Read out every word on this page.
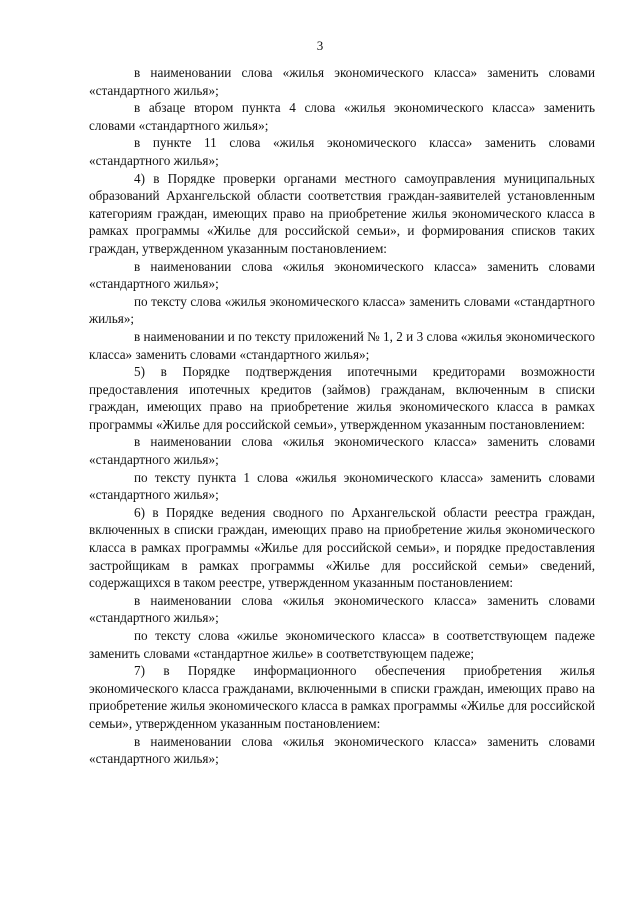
3

в наименовании слова «жилья экономического класса» заменить словами «стандартного жилья»;

в абзаце втором пункта 4 слова «жилья экономического класса» заменить словами «стандартного жилья»;

в пункте 11 слова «жилья экономического класса» заменить словами «стандартного жилья»;

4) в Порядке проверки органами местного самоуправления муниципальных образований Архангельской области соответствия граждан-заявителей установленным категориям граждан, имеющих право на приобретение жилья экономического класса в рамках программы «Жилье для российской семьи», и формирования списков таких граждан, утвержденном указанным постановлением:

в наименовании слова «жилья экономического класса» заменить словами «стандартного жилья»;

по тексту слова «жилья экономического класса» заменить словами «стандартного жилья»;

в наименовании и по тексту приложений № 1, 2 и 3 слова «жилья экономического класса» заменить словами «стандартного жилья»;

5) в Порядке подтверждения ипотечными кредиторами возможности предоставления ипотечных кредитов (займов) гражданам, включенным в списки граждан, имеющих право на приобретение жилья экономического класса в рамках программы «Жилье для российской семьи», утвержденном указанным постановлением:

в наименовании слова «жилья экономического класса» заменить словами «стандартного жилья»;

по тексту пункта 1 слова «жилья экономического класса» заменить словами «стандартного жилья»;

6) в Порядке ведения сводного по Архангельской области реестра граждан, включенных в списки граждан, имеющих право на приобретение жилья экономического класса в рамках программы «Жилье для российской семьи», и порядке предоставления застройщикам в рамках программы «Жилье для российской семьи» сведений, содержащихся в таком реестре, утвержденном указанным постановлением:

в наименовании слова «жилья экономического класса» заменить словами «стандартного жилья»;

по тексту слова «жилье экономического класса» в соответствующем падеже заменить словами «стандартное жилье» в соответствующем падеже;

7) в Порядке информационного обеспечения приобретения жилья экономического класса гражданами, включенными в списки граждан, имеющих право на приобретение жилья экономического класса в рамках программы «Жилье для российской семьи», утвержденном указанным постановлением:

в наименовании слова «жилья экономического класса» заменить словами «стандартного жилья»;
